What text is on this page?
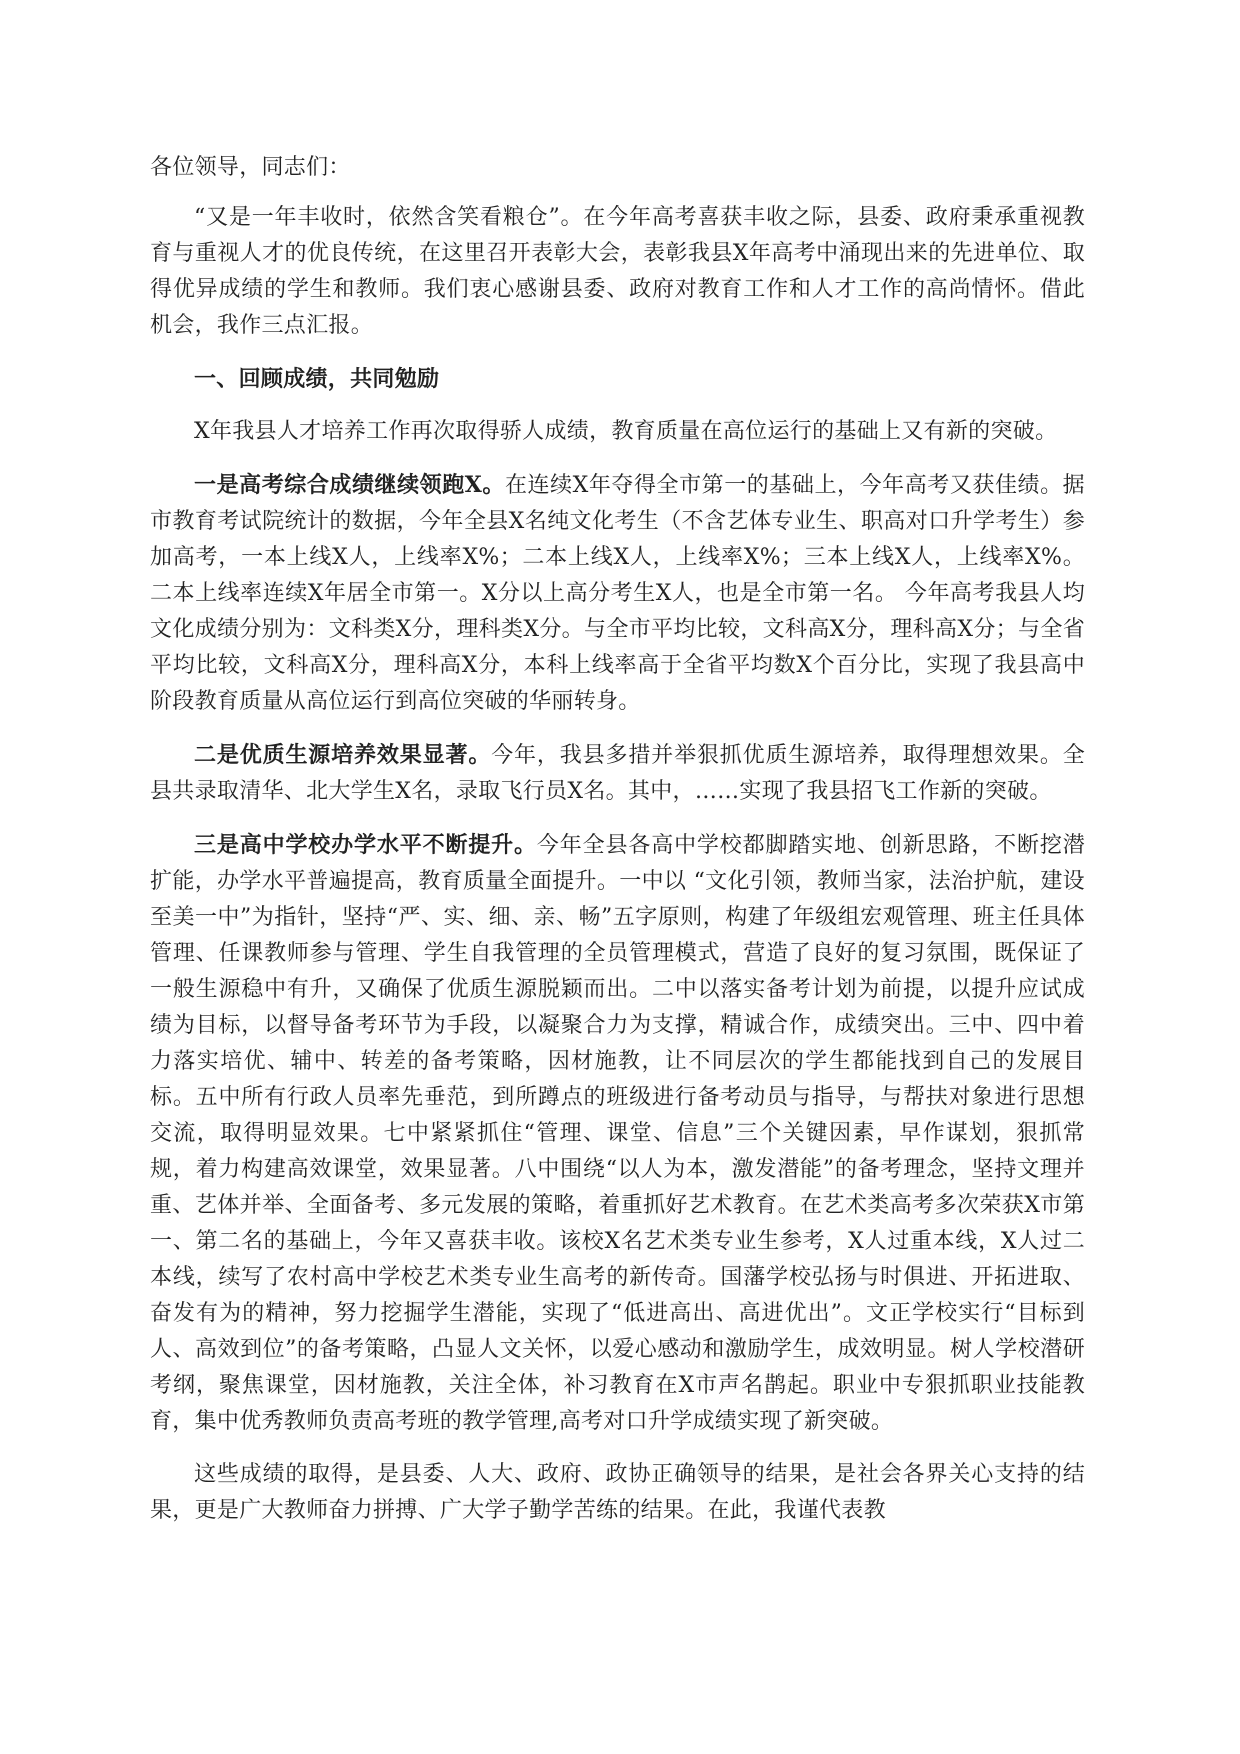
各位领导，同志们：

“又是一年丰收时，依然含笑看粮仓”。在今年高考喜获丰收之际，县委、政府秉承重视教育与重视人才的优良传统，在这里召开表彰大会，表彰我县X年高考中涌现出来的先进单位、取得优异成绩的学生和教师。我们衷心感谢县委、政府对教育工作和人才工作的高尚情怀。借此机会，我作三点汇报。

一、回顾成绩，共同勉励

X年我县人才培养工作再次取得骄人成绩，教育质量在高位运行的基础上又有新的突破。

一是高考综合成绩继续领跑X。在连续X年夺得全市第一的基础上，今年高考又获佳绩。据市教育考试院统计的数据，今年全县X名纯文化考生（不含艺体专业生、职高对口升学考生）参加高考，一本上线X人，上线率X%；二本上线X人，上线率X%；三本上线X人，上线率X%。二本上线率连续X年居全市第一。X分以上高分考生X人，也是全市第一名。 今年高考我县人均文化成绩分别为：文科类X分，理科类X分。与全市平均比较，文科高X分，理科高X分；与全省平均比较，文科高X分，理科高X分，本科上线率高于全省平均数X个百分比，实现了我县高中阶段教育质量从高位运行到高位突破的华丽转身。

二是优质生源培养效果显著。今年，我县多措并举狠抓优质生源培养，取得理想效果。全县共录取清华、北大学生X名，录取飞行员X名。其中，……实现了我县招飞工作新的突破。

三是高中学校办学水平不断提升。今年全县各高中学校都脚踏实地、创新思路，不断挖潜扩能，办学水平普遍提高，教育质量全面提升。一中以 “文化引领，教师当家，法治护航，建设至美一中”为指针，坚持“严、实、细、亲、畅”五字原则，构建了年级组宏观管理、班主任具体管理、任课教师参与管理、学生自我管理的全员管理模式，营造了良好的复习氛围，既保证了一般生源稳中有升，又确保了优质生源脱颖而出。二中以落实备考计划为前提，以提升应试成绩为目标，以督导备考环节为手段，以凝聚合力为支撑，精诚合作，成绩突出。三中、四中着力落实培优、辅中、转差的备考策略，因材施教，让不同层次的学生都能找到自己的发展目标。五中所有行政人员率先垂范，到所蹲点的班级进行备考动员与指导，与帮扶对象进行思想交流，取得明显效果。七中紧紧抓住“管理、课堂、信息”三个关键因素，早作谋划，狠抓常规，着力构建高效课堂，效果显著。八中围绕“以人为本，激发潜能”的备考理念，坚持文理并重、艺体并举、全面备考、多元发展的策略，着重抓好艺术教育。在艺术类高考多次荣获X市第一、第二名的基础上，今年又喜获丰收。该校X名艺术类专业生参考，X人过重本线，X人过二本线，续写了农村高中学校艺术类专业生高考的新传奇。国藩学校弘扬与时俱进、开拓进取、奋发有为的精神，努力挖掘学生潜能，实现了“低进高出、高进优出”。文正学校实行“目标到人、高效到位”的备考策略，凸显人文关怀，以爱心感动和激励学生，成效明显。树人学校潜研考纲，聚焦课堂，因材施教，关注全体，补习教育在X市声名鹊起。职业中专狠抓职业技能教育，集中优秀教师负责高考班的教学管理,高考对口升学成绩实现了新突破。

这些成绩的取得，是县委、人大、政府、政协正确领导的结果，是社会各界关心支持的结果，更是广大教师奋力拼搏、广大学子勤学苦练的结果。在此，我谨代表教
